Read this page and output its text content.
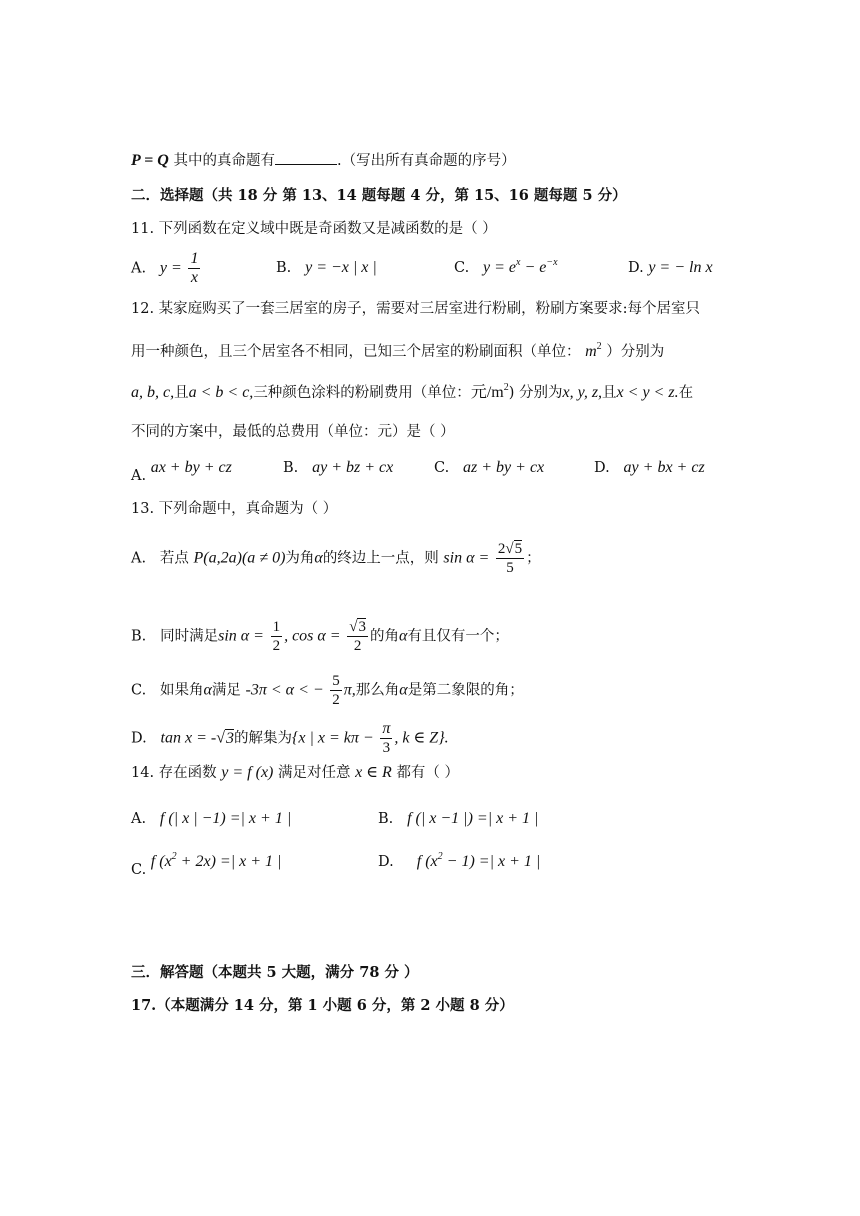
P = Q 其中的真命题有	.（写出所有真命题的序号）
二．选择题（共 18 分 第 13、14 题每题 4 分，第 15、16 题每题 5 分）
11. 下列函数在定义域中既是奇函数又是减函数的是（ ）
A. $y = \frac{1}{x}$	B. y = −x | x |	C. $y = e^x - e^{-x}$	D. y = − ln x
12. 某家庭购买了一套三居室的房子，需要对三居室进行粉刷，粉刷方案要求:每个居室只
用一种颜色，且三个居室各不相同，已知三个居室的粉刷面积（单位： $m^2$ ）分别为
a, b, c,且a < b < c,三种颜色涂料的粉刷费用（单位：元$/m^2$) 分别为x, y, z,且x < y < z.在
不同的方案中，最低的总费用（单位：元）是（ ）
A. ax + by + cz	B. ay + bz + cx	C. az + by + cx	D. ay + bx + cz
13. 下列命题中，真命题为（ ）
A. 若点 P(a,2a)(a ≠ 0)为角α的终边上一点，则 $\sin \alpha = \frac{2√5}{5}$ ；
B. 同时满足$\sin \alpha = \frac{1}{2}$ , $\cos \alpha = \frac{√3}{2}$ 的角α有且仅有一个；
C. 如果角α满足 -3π < α < − $\frac{5}{2} \pi$,那么角α是第二象限的角；
D. tan x = -√3的解集为{x | $x = k\pi - \frac{\pi}{3}$ , k ∈ Z}.
14. 存在函数 y = f (x) 满足对任意 x ∈ R 都有（ ）
A. f (| x | −1) =| x + 1 |	B. f (| x −1 |) =| x + 1 |
C. f $(x^2 + 2x)$ =| x + 1 |	D. f $(x^2 - 1)$ =| x + 1 |
三．解答题（本题共 5 大题，满分 78 分 ）
17.（本题满分 14 分，第 1 小题 6 分，第 2 小题 8 分）
